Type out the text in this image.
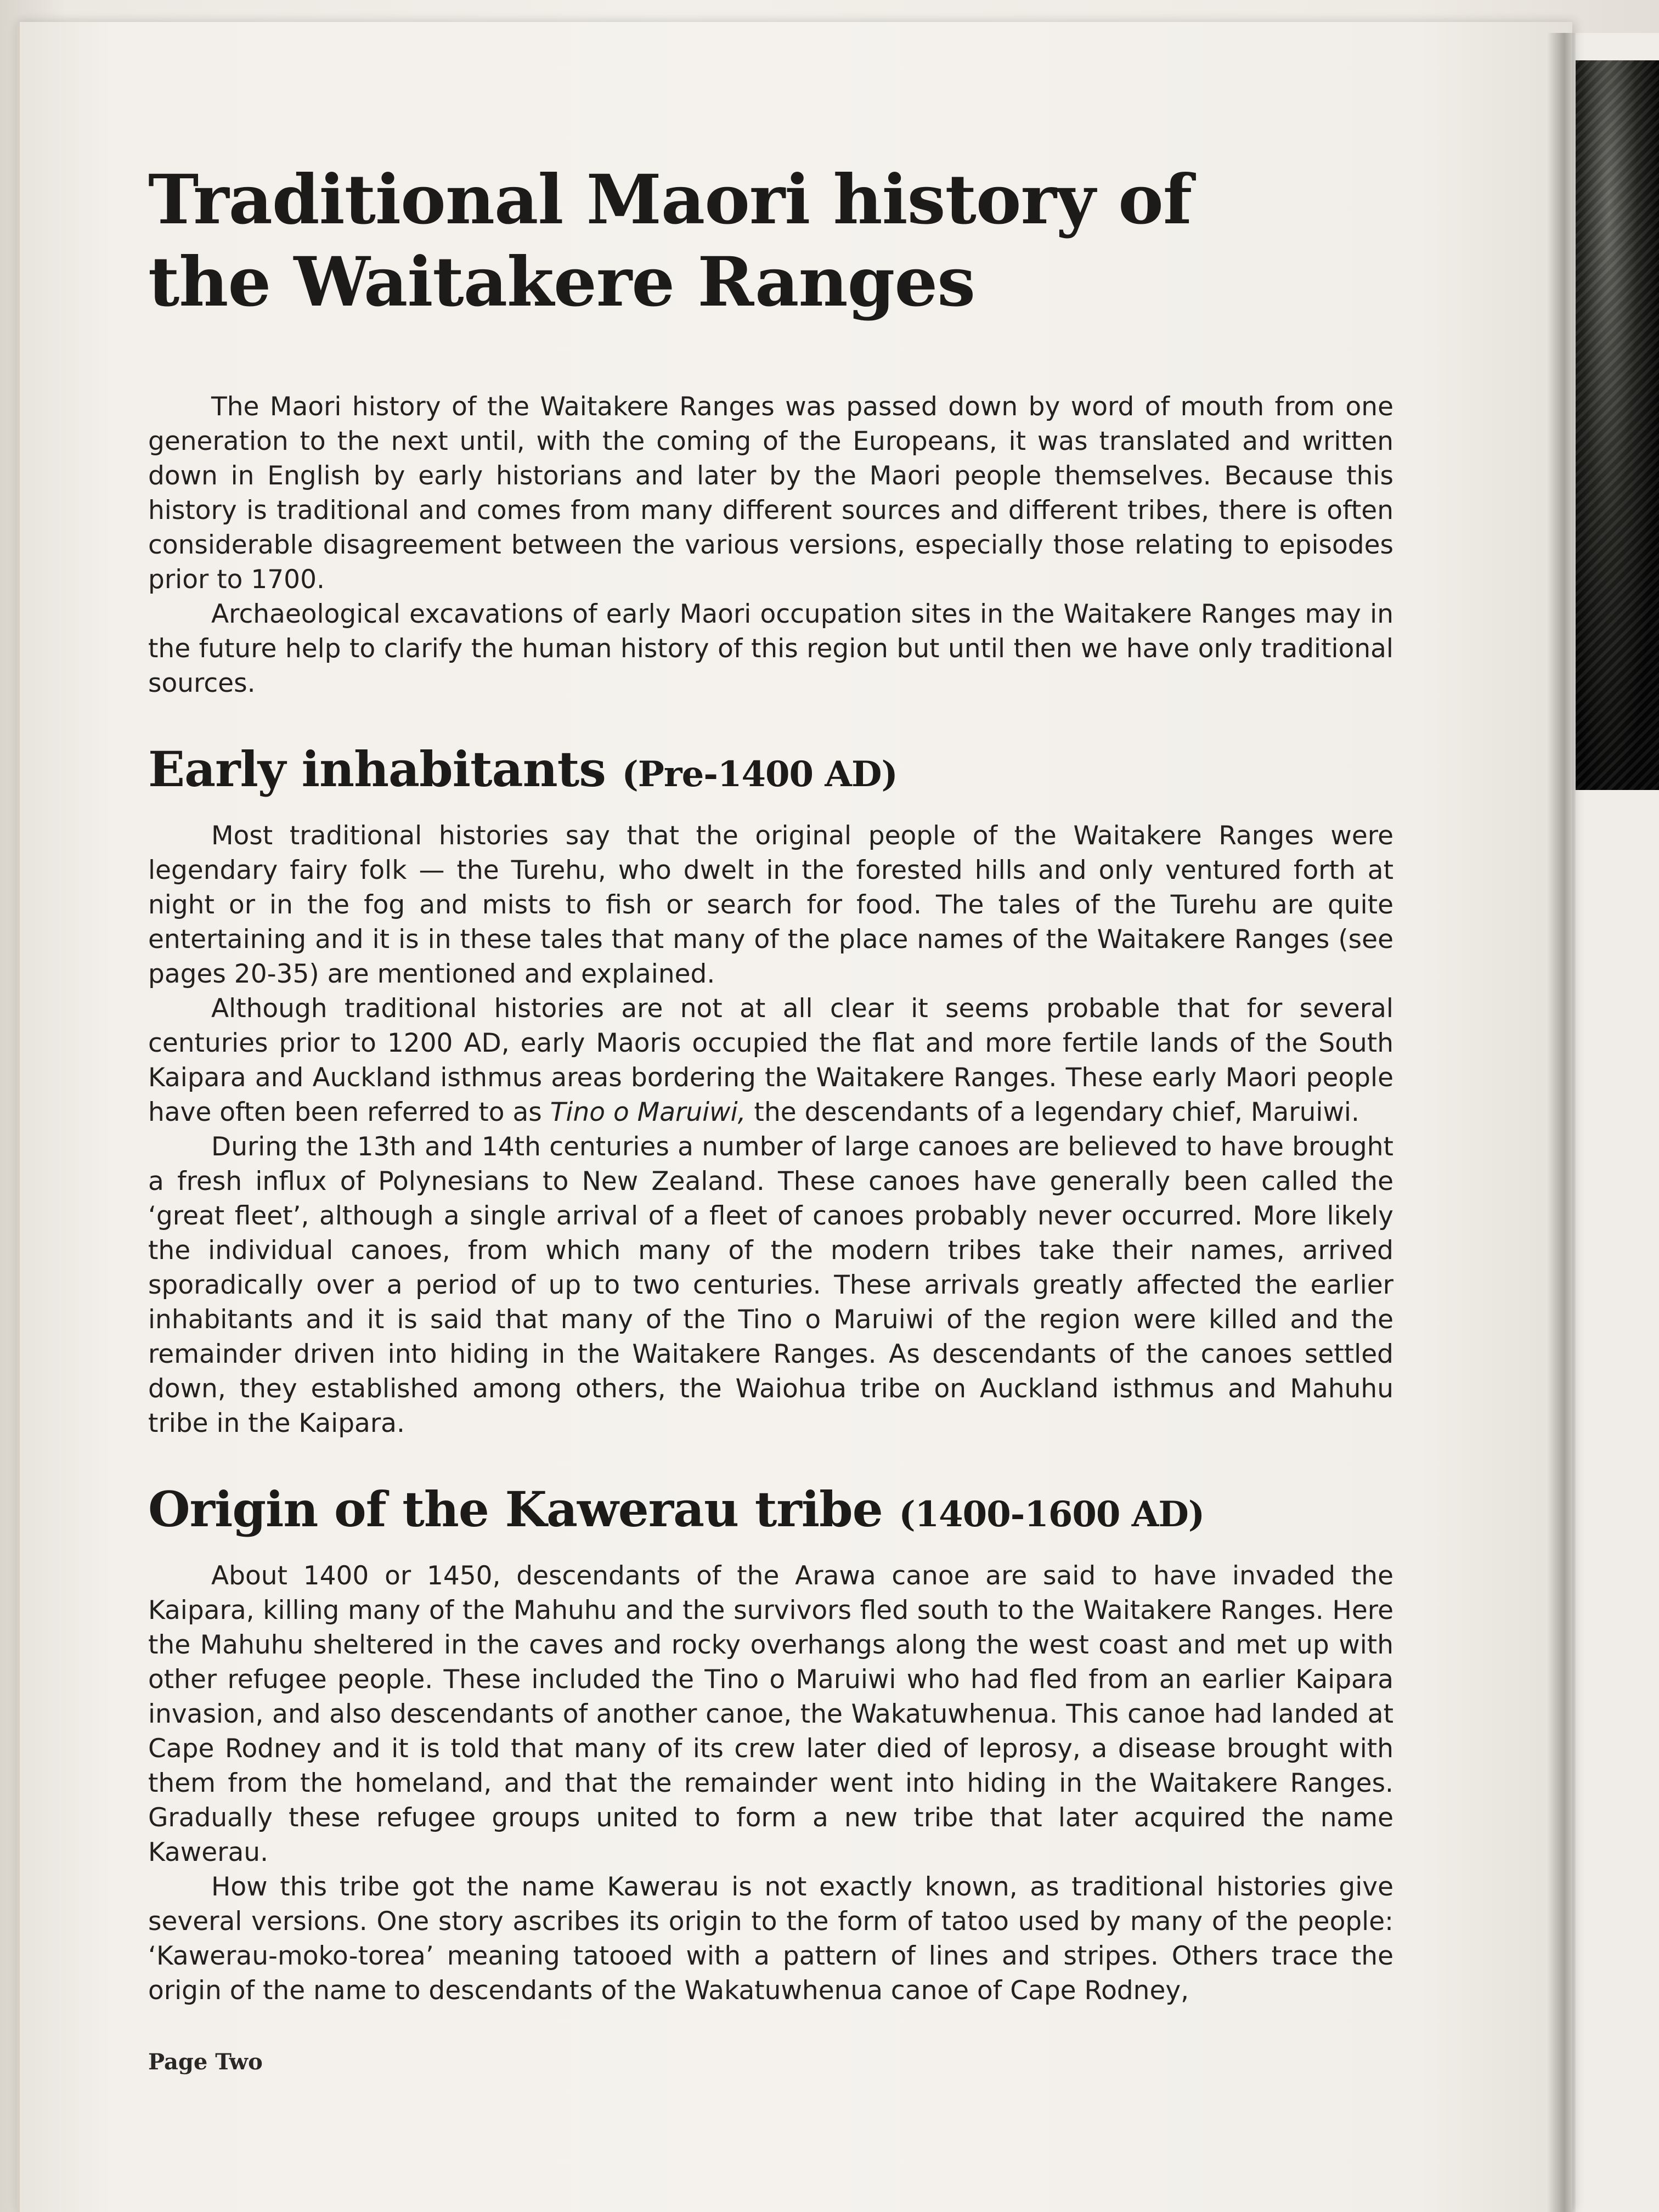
Traditional Maori history of
the Waitakere Ranges

The Maori history of the Waitakere Ranges was passed down by word of mouth from one generation to the next until, with the coming of the Europeans, it was translated and written down in English by early historians and later by the Maori people themselves. Because this history is traditional and comes from many different sources and different tribes, there is often considerable disagreement between the various versions, especially those relating to episodes prior to 1700.

Archaeological excavations of early Maori occupation sites in the Waitakere Ranges may in the future help to clarify the human history of this region but until then we have only traditional sources.

Early inhabitants (Pre-1400 AD)

Most traditional histories say that the original people of the Waitakere Ranges were legendary fairy folk — the Turehu, who dwelt in the forested hills and only ventured forth at night or in the fog and mists to fish or search for food. The tales of the Turehu are quite entertaining and it is in these tales that many of the place names of the Waitakere Ranges (see pages 20-35) are mentioned and explained.

Although traditional histories are not at all clear it seems probable that for several centuries prior to 1200 AD, early Maoris occupied the flat and more fertile lands of the South Kaipara and Auckland isthmus areas bordering the Waitakere Ranges. These early Maori people have often been referred to as Tino o Maruiwi, the descendants of a legendary chief, Maruiwi.

During the 13th and 14th centuries a number of large canoes are believed to have brought a fresh influx of Polynesians to New Zealand. These canoes have generally been called the ‘great fleet’, although a single arrival of a fleet of canoes probably never occurred. More likely the individual canoes, from which many of the modern tribes take their names, arrived sporadically over a period of up to two centuries. These arrivals greatly affected the earlier inhabitants and it is said that many of the Tino o Maruiwi of the region were killed and the remainder driven into hiding in the Waitakere Ranges. As descendants of the canoes settled down, they established among others, the Waiohua tribe on Auckland isthmus and Mahuhu tribe in the Kaipara.

Origin of the Kawerau tribe (1400-1600 AD)

About 1400 or 1450, descendants of the Arawa canoe are said to have invaded the Kaipara, killing many of the Mahuhu and the survivors fled south to the Waitakere Ranges. Here the Mahuhu sheltered in the caves and rocky overhangs along the west coast and met up with other refugee people. These included the Tino o Maruiwi who had fled from an earlier Kaipara invasion, and also descendants of another canoe, the Wakatuwhenua. This canoe had landed at Cape Rodney and it is told that many of its crew later died of leprosy, a disease brought with them from the homeland, and that the remainder went into hiding in the Waitakere Ranges. Gradually these refugee groups united to form a new tribe that later acquired the name Kawerau.

How this tribe got the name Kawerau is not exactly known, as traditional histories give several versions. One story ascribes its origin to the form of tatoo used by many of the people: ‘Kawerau-moko-torea’ meaning tatooed with a pattern of lines and stripes. Others trace the origin of the name to descendants of the Wakatuwhenua canoe of Cape Rodney,

Page Two
